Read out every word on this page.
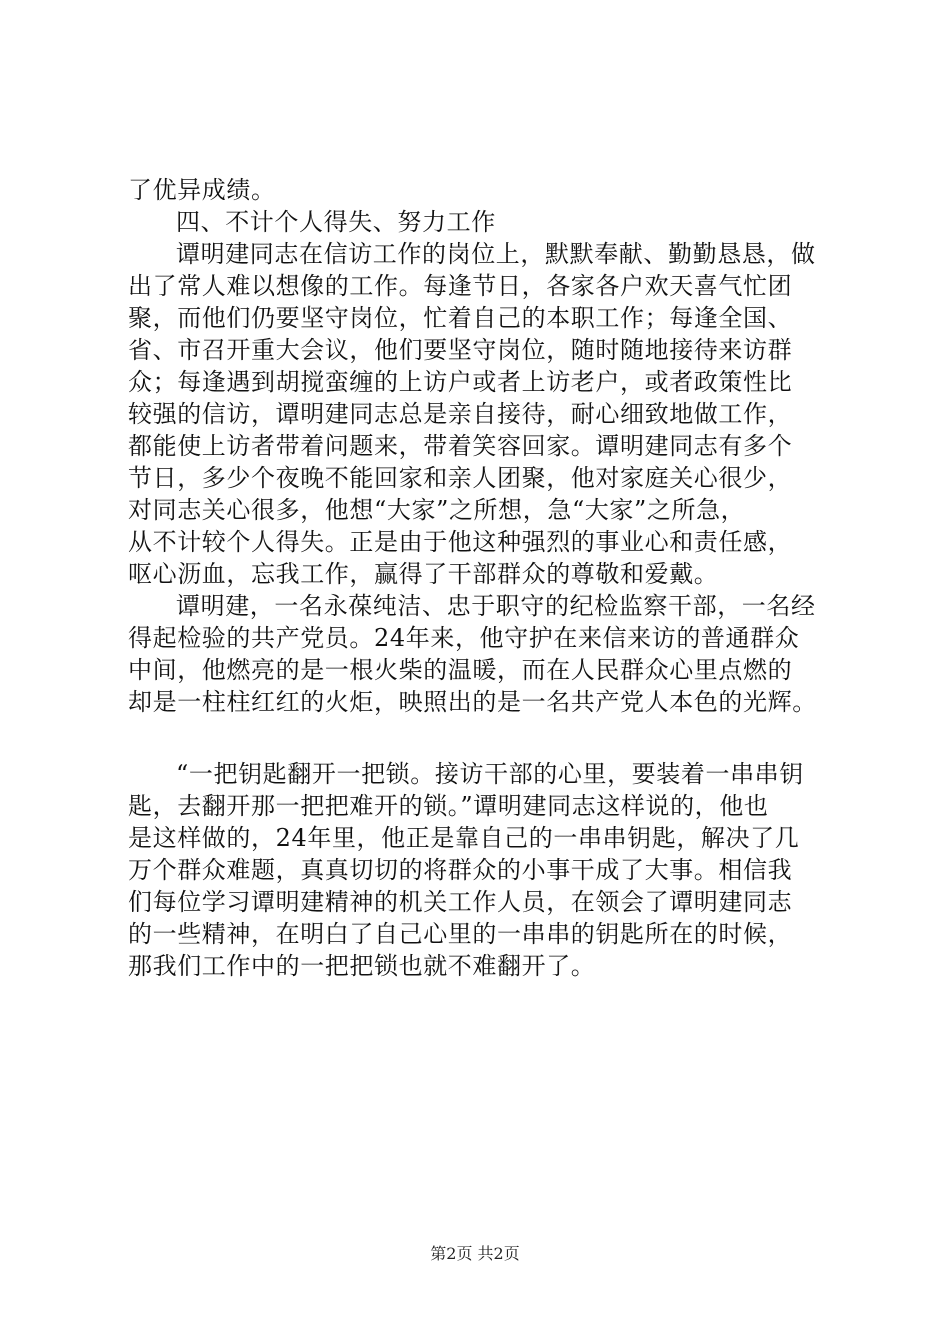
了优异成绩。
四、不计个人得失、努力工作
谭明建同志在信访工作的岗位上，默默奉献、勤勤恳恳，做
出了常人难以想像的工作。每逢节日，各家各户欢天喜气忙团
聚，而他们仍要坚守岗位，忙着自己的本职工作；每逢全国、
省、市召开重大会议，他们要坚守岗位，随时随地接待来访群
众；每逢遇到胡搅蛮缠的上访户或者上访老户，或者政策性比
较强的信访，谭明建同志总是亲自接待，耐心细致地做工作，
都能使上访者带着问题来，带着笑容回家。谭明建同志有多个
节日，多少个夜晚不能回家和亲人团聚，他对家庭关心很少，
对同志关心很多，他想“大家”之所想，急“大家”之所急，
从不计较个人得失。正是由于他这种强烈的事业心和责任感，
呕心沥血，忘我工作，赢得了干部群众的尊敬和爱戴。
谭明建，一名永葆纯洁、忠于职守的纪检监察干部，一名经
得起检验的共产党员。24年来，他守护在来信来访的普通群众
中间，他燃亮的是一根火柴的温暖，而在人民群众心里点燃的
却是一柱柱红红的火炬，映照出的是一名共产党人本色的光辉。
“一把钥匙翻开一把锁。接访干部的心里，要装着一串串钥
匙，去翻开那一把把难开的锁。”谭明建同志这样说的，他也
是这样做的，24年里，他正是靠自己的一串串钥匙，解决了几
万个群众难题，真真切切的将群众的小事干成了大事。相信我
们每位学习谭明建精神的机关工作人员，在领会了谭明建同志
的一些精神，在明白了自己心里的一串串的钥匙所在的时候，
那我们工作中的一把把锁也就不难翻开了。
第2页 共2页
